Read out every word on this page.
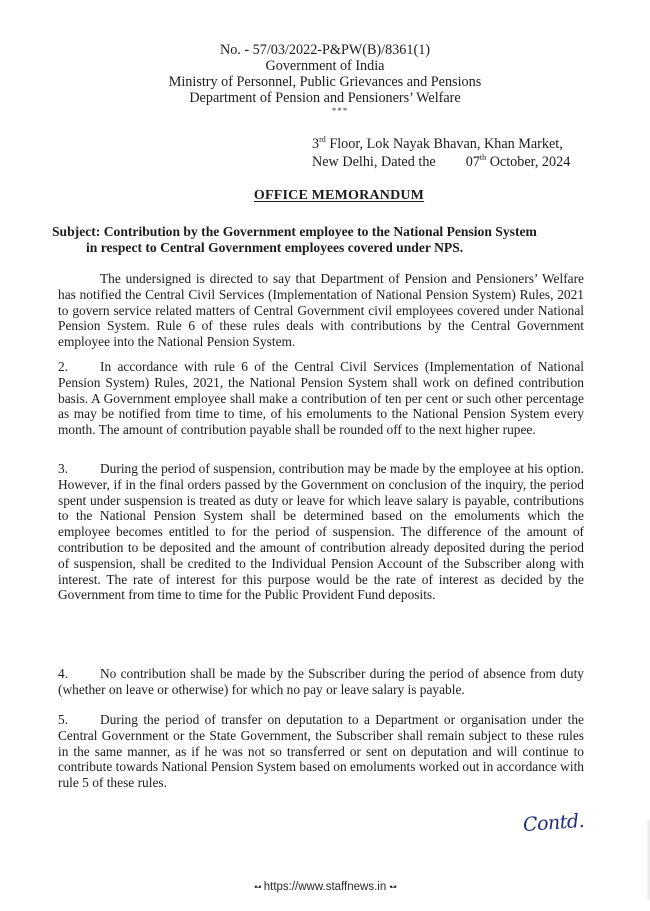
No. - 57/03/2022-P&PW(B)/8361(1)
Government of India
Ministry of Personnel, Public Grievances and Pensions
Department of Pension and Pensioners’ Welfare
***
3rd Floor, Lok Nayak Bhavan, Khan Market,
New Delhi, Dated the 07th October, 2024
OFFICE MEMORANDUM
Subject: Contribution by the Government employee to the National Pension System
in respect to Central Government employees covered under NPS.
The undersigned is directed to say that Department of Pension and Pensioners’ Welfare has notified the Central Civil Services (Implementation of National Pension System) Rules, 2021 to govern service related matters of Central Government civil employees covered under National Pension System. Rule 6 of these rules deals with contributions by the Central Government employee into the National Pension System.
2. In accordance with rule 6 of the Central Civil Services (Implementation of National Pension System) Rules, 2021, the National Pension System shall work on defined contribution basis. A Government employee shall make a contribution of ten per cent or such other percentage as may be notified from time to time, of his emoluments to the National Pension System every month. The amount of contribution payable shall be rounded off to the next higher rupee.
3. During the period of suspension, contribution may be made by the employee at his option. However, if in the final orders passed by the Government on conclusion of the inquiry, the period spent under suspension is treated as duty or leave for which leave salary is payable, contributions to the National Pension System shall be determined based on the emoluments which the employee becomes entitled to for the period of suspension. The difference of the amount of contribution to be deposited and the amount of contribution already deposited during the period of suspension, shall be credited to the Individual Pension Account of the Subscriber along with interest. The rate of interest for this purpose would be the rate of interest as decided by the Government from time to time for the Public Provident Fund deposits.
4. No contribution shall be made by the Subscriber during the period of absence from duty (whether on leave or otherwise) for which no pay or leave salary is payable.
5. During the period of transfer on deputation to a Department or organisation under the Central Government or the State Government, the Subscriber shall remain subject to these rules in the same manner, as if he was not so transferred or sent on deputation and will continue to contribute towards National Pension System based on emoluments worked out in accordance with rule 5 of these rules.
Contd.
•-• https://www.staffnews.in •-•
